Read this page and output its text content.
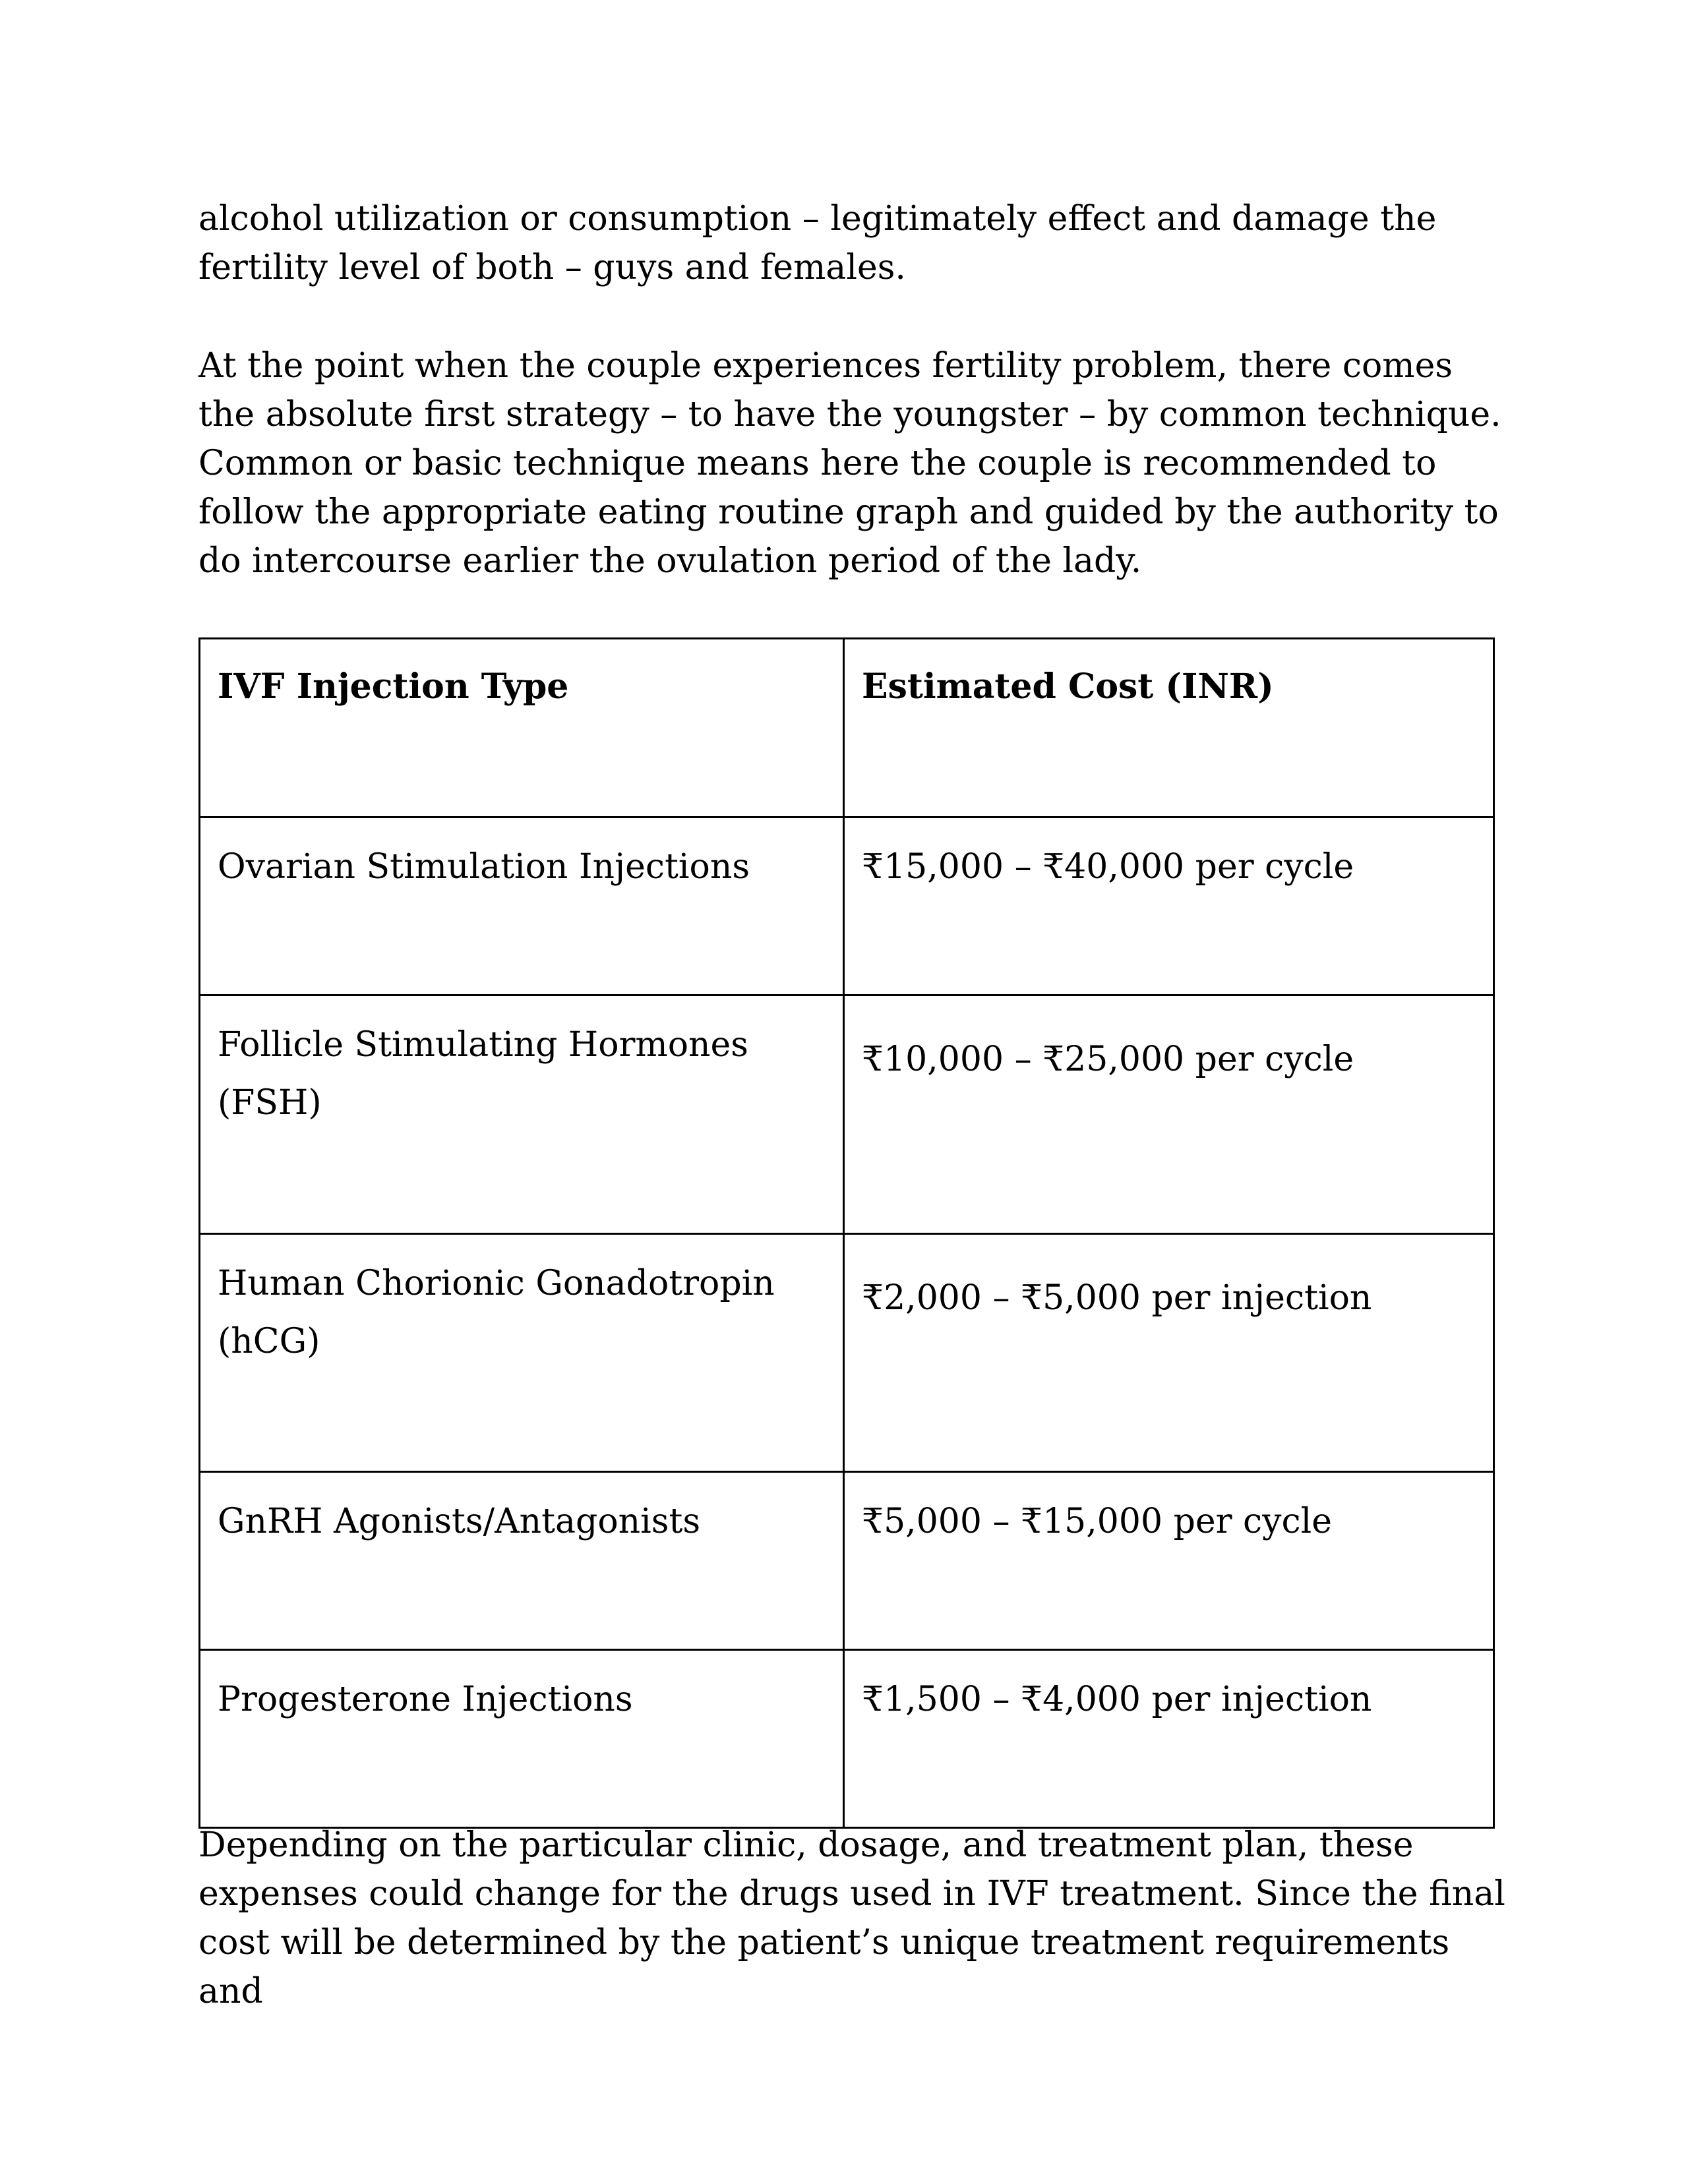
alcohol utilization or consumption – legitimately effect and damage the fertility level of both – guys and females.

At the point when the couple experiences fertility problem, there comes the absolute first strategy – to have the youngster – by common technique. Common or basic technique means here the couple is recommended to follow the appropriate eating routine graph and guided by the authority to do intercourse earlier the ovulation period of the lady.

IVF Injection Type	Estimated Cost (INR)
Ovarian Stimulation Injections	₹15,000 – ₹40,000 per cycle
Follicle Stimulating Hormones (FSH)	₹10,000 – ₹25,000 per cycle
Human Chorionic Gonadotropin (hCG)	₹2,000 – ₹5,000 per injection
GnRH Agonists/Antagonists	₹5,000 – ₹15,000 per cycle
Progesterone Injections	₹1,500 – ₹4,000 per injection

Depending on the particular clinic, dosage, and treatment plan, these expenses could change for the drugs used in IVF treatment. Since the final cost will be determined by the patient’s unique treatment requirements and
